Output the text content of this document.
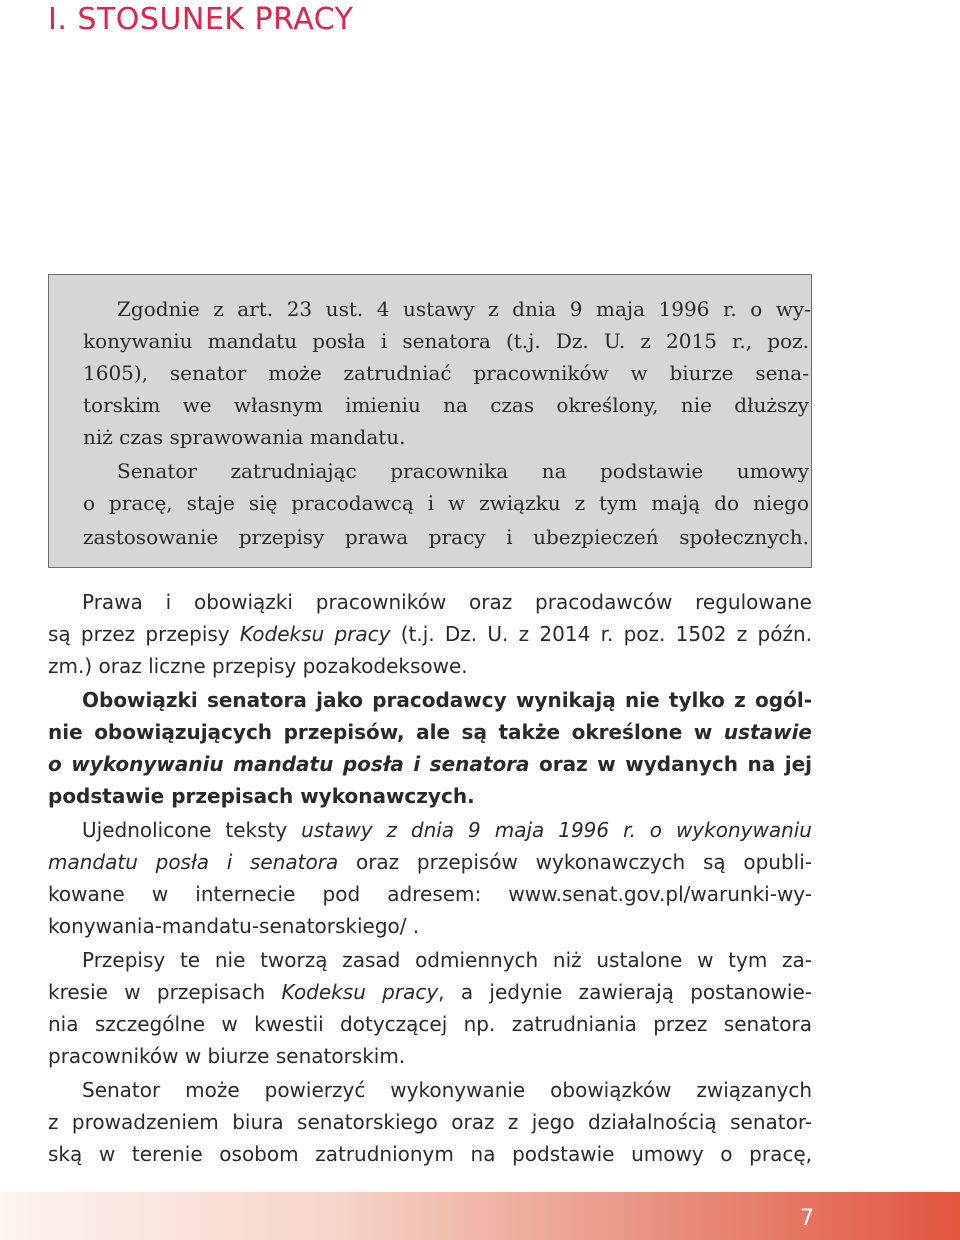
I. STOSUNEK PRACY

Zgodnie z art. 23 ust. 4 ustawy z dnia 9 maja 1996 r. o wy-

konywaniu mandatu posła i senatora (t.j. Dz. U. z 2015 r., poz.

1605), senator może zatrudniać pracowników w biurze sena-

torskim we własnym imieniu na czas określony, nie dłuższy

niż czas sprawowania mandatu.

Senator zatrudniając pracownika na podstawie umowy

o pracę, staje się pracodawcą i w związku z tym mają do niego

zastosowanie przepisy prawa pracy i ubezpieczeń społecznych.

Prawa i obowiązki pracowników oraz pracodawców regulowane

są przez przepisy Kodeksu pracy (t.j. Dz. U. z 2014 r. poz. 1502 z późn.

zm.) oraz liczne przepisy pozakodeksowe.

Obowiązki senatora jako pracodawcy wynikają nie tylko z ogól-

nie obowiązujących przepisów, ale są także określone w ustawie

o wykonywaniu mandatu posła i senatora oraz w wydanych na jej

podstawie przepisach wykonawczych.

Ujednolicone teksty ustawy z dnia 9 maja 1996 r. o wykonywaniu

mandatu posła i senatora oraz przepisów wykonawczych są opubli-

kowane w internecie pod adresem: www.senat.gov.pl/warunki-wy-

konywania-mandatu-senatorskiego/ .

Przepisy te nie tworzą zasad odmiennych niż ustalone w tym za-

kresie w przepisach Kodeksu pracy, a jedynie zawierają postanowie-

nia szczególne w kwestii dotyczącej np. zatrudniania przez senatora

pracowników w biurze senatorskim.

Senator może powierzyć wykonywanie obowiązków związanych

z prowadzeniem biura senatorskiego oraz z jego działalnością senator-

ską w terenie osobom zatrudnionym na podstawie umowy o pracę,

7
